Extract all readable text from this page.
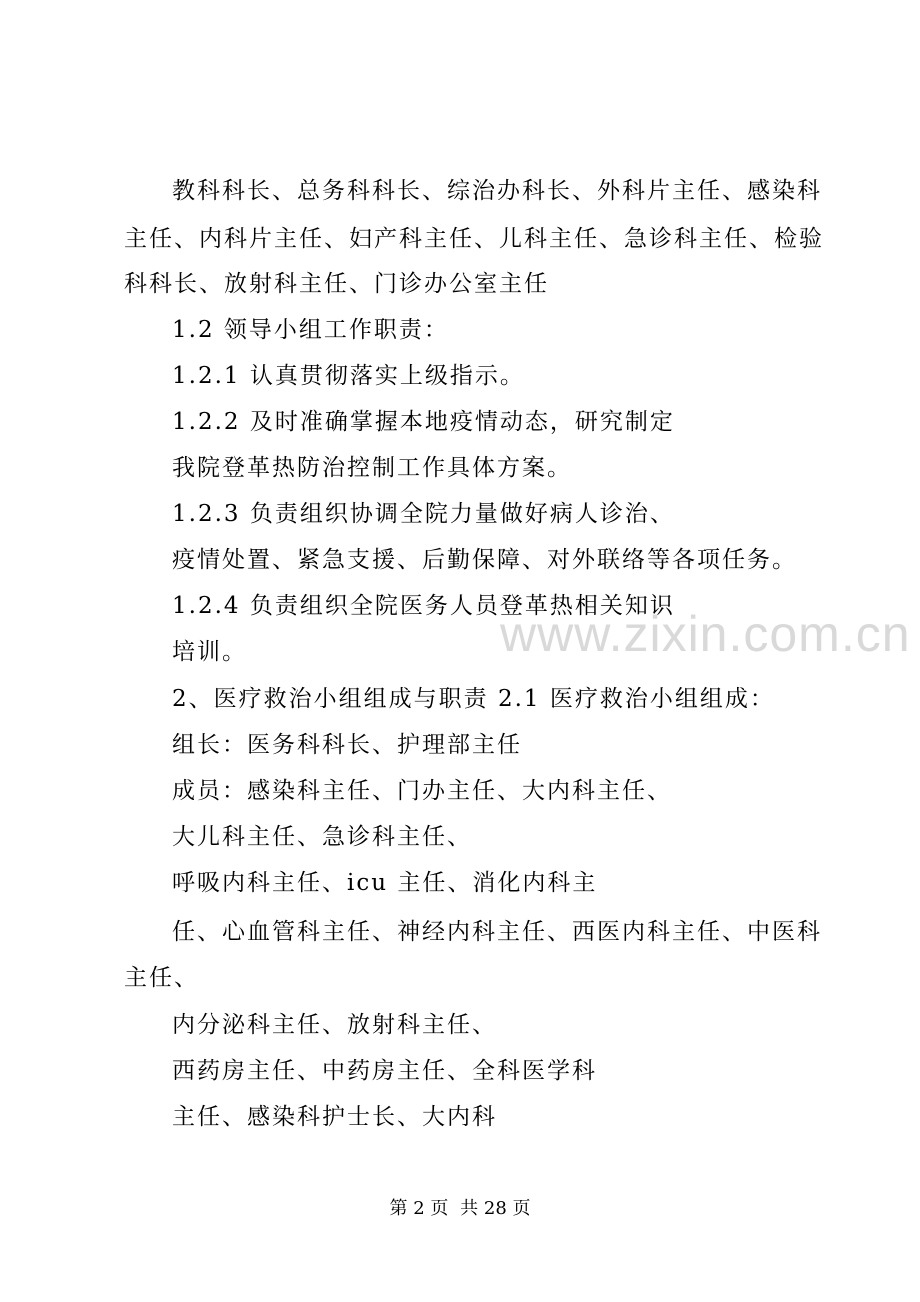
教科科长、总务科科长、综治办科长、外科片主任、感染科
主任、内科片主任、妇产科主任、儿科主任、急诊科主任、检验
科科长、放射科主任、门诊办公室主任
1.2 领导小组工作职责：
1.2.1 认真贯彻落实上级指示。
1.2.2 及时准确掌握本地疫情动态，研究制定
我院登革热防治控制工作具体方案。
1.2.3 负责组织协调全院力量做好病人诊治、
疫情处置、紧急支援、后勤保障、对外联络等各项任务。
1.2.4 负责组织全院医务人员登革热相关知识
培训。
2、医疗救治小组组成与职责 2.1 医疗救治小组组成：
组长：医务科科长、护理部主任
成员：感染科主任、门办主任、大内科主任、
大儿科主任、急诊科主任、
呼吸内科主任、icu 主任、消化内科主
任、心血管科主任、神经内科主任、西医内科主任、中医科
主任、
内分泌科主任、放射科主任、
西药房主任、中药房主任、全科医学科
主任、感染科护士长、大内科
www.zixin.com.cn
第 2 页 共 28 页
